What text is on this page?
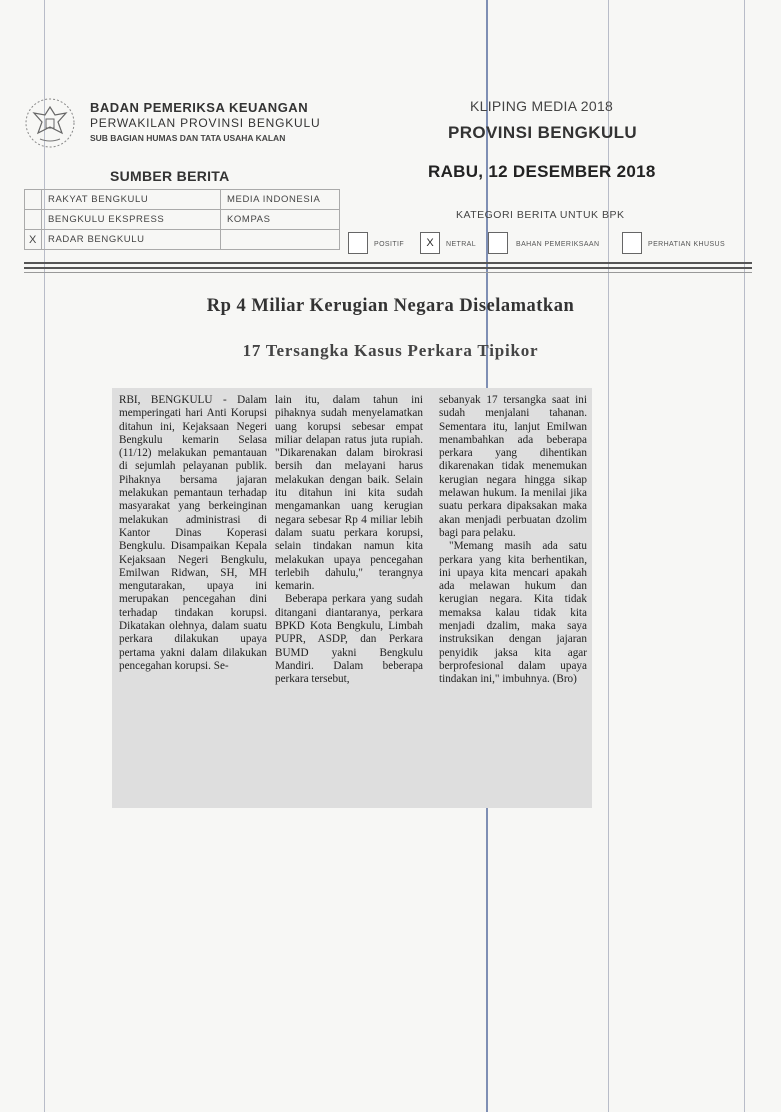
BADAN PEMERIKSA KEUANGAN
PERWAKILAN PROVINSI BENGKULU
SUB BAGIAN HUMAS DAN TATA USAHA KALAN
KLIPING MEDIA 2018
PROVINSI BENGKULU
RABU, 12 DESEMBER 2018
SUMBER BERITA
	RAKYAT BENGKULU	MEDIA INDONESIA
	BENGKULU EKSPRESS	KOMPAS
X	RADAR BENGKULU	
KATEGORI BERITA UNTUK BPK
POSITIF	X	NETRAL	BAHAN PEMERIKSAAN	PERHATIAN KHUSUS
Rp 4 Miliar Kerugian Negara Diselamatkan
17 Tersangka Kasus Perkara Tipikor

RBI, BENGKULU - Dalam memperingati hari Anti Korupsi ditahun ini, Kejaksaan Negeri Bengkulu kemarin Selasa (11/12) melakukan pemantauan di sejumlah pelayanan publik. Pihaknya bersama jajaran melakukan pemantaun terhadap masyarakat yang berkeinginan melakukan administrasi di Kantor Dinas Koperasi Bengkulu. Disampaikan Kepala Kejaksaan Negeri Bengkulu, Emilwan Ridwan, SH, MH mengutarakan, upaya ini merupakan pencegahan dini terhadap tindakan korupsi. Dikatakan olehnya, dalam suatu perkara dilakukan upaya pertama yakni dalam dilakukan pencegahan korupsi. Se-

lain itu, dalam tahun ini pihaknya sudah menyelamatkan uang korupsi sebesar empat miliar delapan ratus juta rupiah. "Dikarenakan dalam birokrasi bersih dan melayani harus melakukan dengan baik. Selain itu ditahun ini kita sudah mengamankan uang kerugian negara sebesar Rp 4 miliar lebih dalam suatu perkara korupsi, selain tindakan namun kita melakukan upaya pencegahan terlebih dahulu," terangnya kemarin.

Beberapa perkara yang sudah ditangani diantaranya, perkara BPKD Kota Bengkulu, Limbah PUPR, ASDP, dan Perkara BUMD yakni Bengkulu Mandiri. Dalam beberapa perkara tersebut,

sebanyak 17 tersangka saat ini sudah menjalani tahanan. Sementara itu, lanjut Emilwan menambahkan ada beberapa perkara yang dihentikan dikarenakan tidak menemukan kerugian negara hingga sikap melawan hukum. Ia menilai jika suatu perkara dipaksakan maka akan menjadi perbuatan dzolim bagi para pelaku.

"Memang masih ada satu perkara yang kita berhentikan, ini upaya kita mencari apakah ada melawan hukum dan kerugian negara. Kita tidak memaksa kalau tidak kita menjadi dzalim, maka saya instruksikan dengan jajaran penyidik jaksa kita agar berprofesional dalam upaya tindakan ini," imbuhnya. (Bro)
